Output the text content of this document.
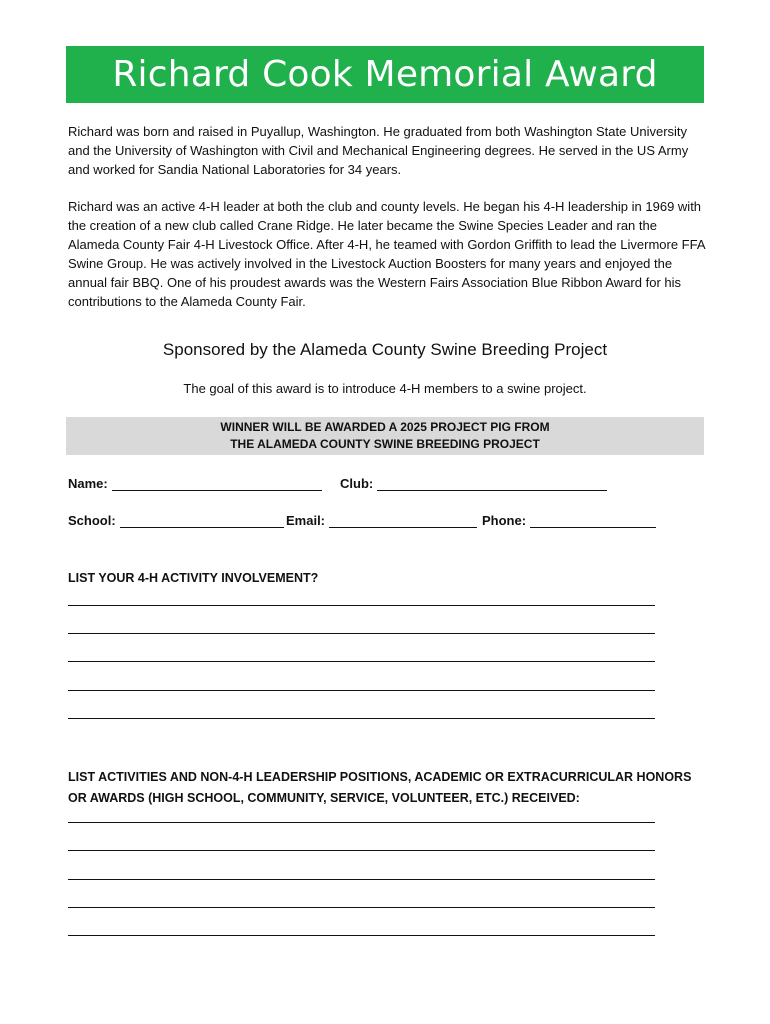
Richard Cook Memorial Award

Richard was born and raised in Puyallup, Washington. He graduated from both Washington State University and the University of Washington with Civil and Mechanical Engineering degrees. He served in the US Army and worked for Sandia National Laboratories for 34 years.

Richard was an active 4-H leader at both the club and county levels. He began his 4-H leadership in 1969 with the creation of a new club called Crane Ridge. He later became the Swine Species Leader and ran the Alameda County Fair 4-H Livestock Office. After 4-H, he teamed with Gordon Griffith to lead the Livermore FFA Swine Group. He was actively involved in the Livestock Auction Boosters for many years and enjoyed the annual fair BBQ. One of his proudest awards was the Western Fairs Association Blue Ribbon Award for his contributions to the Alameda County Fair.

Sponsored by the Alameda County Swine Breeding Project
The goal of this award is to introduce 4-H members to a swine project.
WINNER WILL BE AWARDED A 2025 PROJECT PIG FROM
THE ALAMEDA COUNTY SWINE BREEDING PROJECT
Name:	Club:
School:	Email:	Phone:

LIST YOUR 4-H ACTIVITY INVOLVEMENT?

LIST ACTIVITIES AND NON-4-H LEADERSHIP POSITIONS, ACADEMIC OR EXTRACURRICULAR HONORS OR AWARDS (HIGH SCHOOL, COMMUNITY, SERVICE, VOLUNTEER, ETC.) RECEIVED:
